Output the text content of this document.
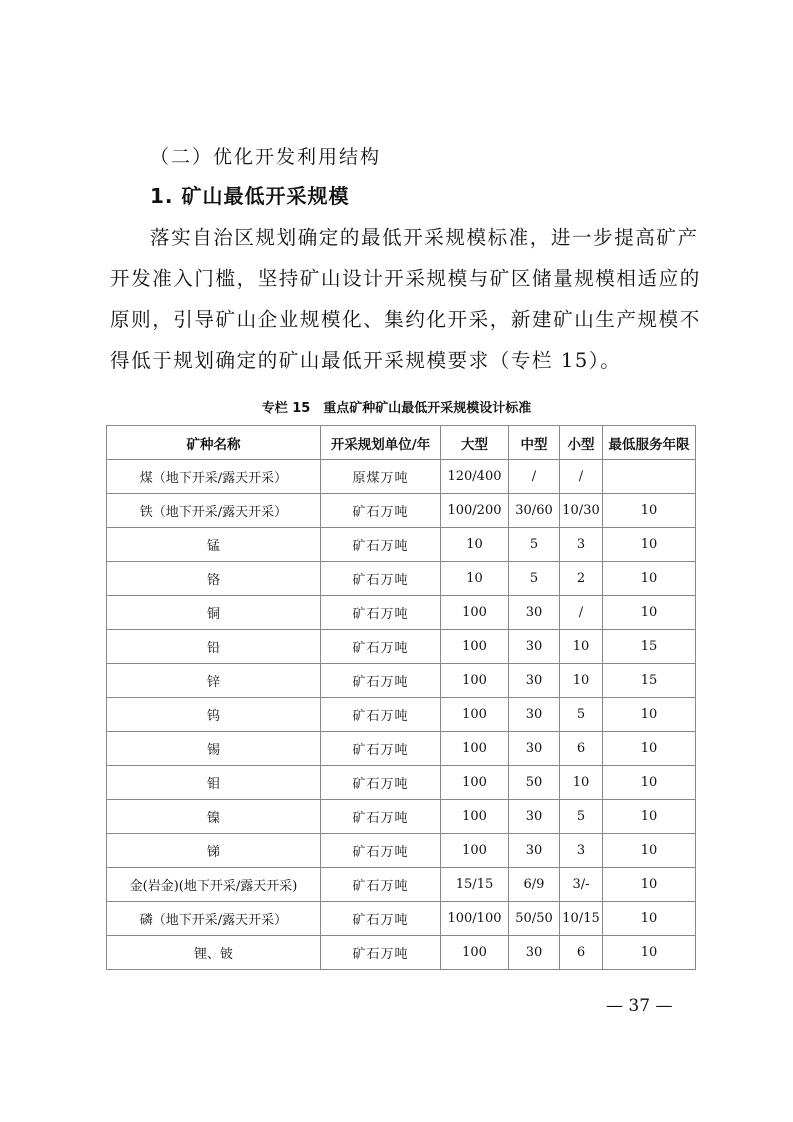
（二）优化开发利用结构
1. 矿山最低开采规模

落实自治区规划确定的最低开采规模标准，进一步提高矿产

开发准入门槛，坚持矿山设计开采规模与矿区储量规模相适应的

原则，引导矿山企业规模化、集约化开采，新建矿山生产规模不

得低于规划确定的矿山最低开采规模要求（专栏 15）。

专栏 15　重点矿种矿山最低开采规模设计标准

矿种名称	开采规划单位/年	大型	中型	小型	最低服务年限
煤（地下开采/露天开采）	原煤万吨	120/400	/	/	
铁（地下开采/露天开采）	矿石万吨	100/200	30/60	10/30	10
锰	矿石万吨	10	5	3	10
铬	矿石万吨	10	5	2	10
铜	矿石万吨	100	30	/	10
铅	矿石万吨	100	30	10	15
锌	矿石万吨	100	30	10	15
钨	矿石万吨	100	30	5	10
锡	矿石万吨	100	30	6	10
钼	矿石万吨	100	50	10	10
镍	矿石万吨	100	30	5	10
锑	矿石万吨	100	30	3	10
金(岩金)(地下开采/露天开采)	矿石万吨	15/15	6/9	3/-	10
磷（地下开采/露天开采）	矿石万吨	100/100	50/50	10/15	10
锂、铍	矿石万吨	100	30	6	10

— 37 —
